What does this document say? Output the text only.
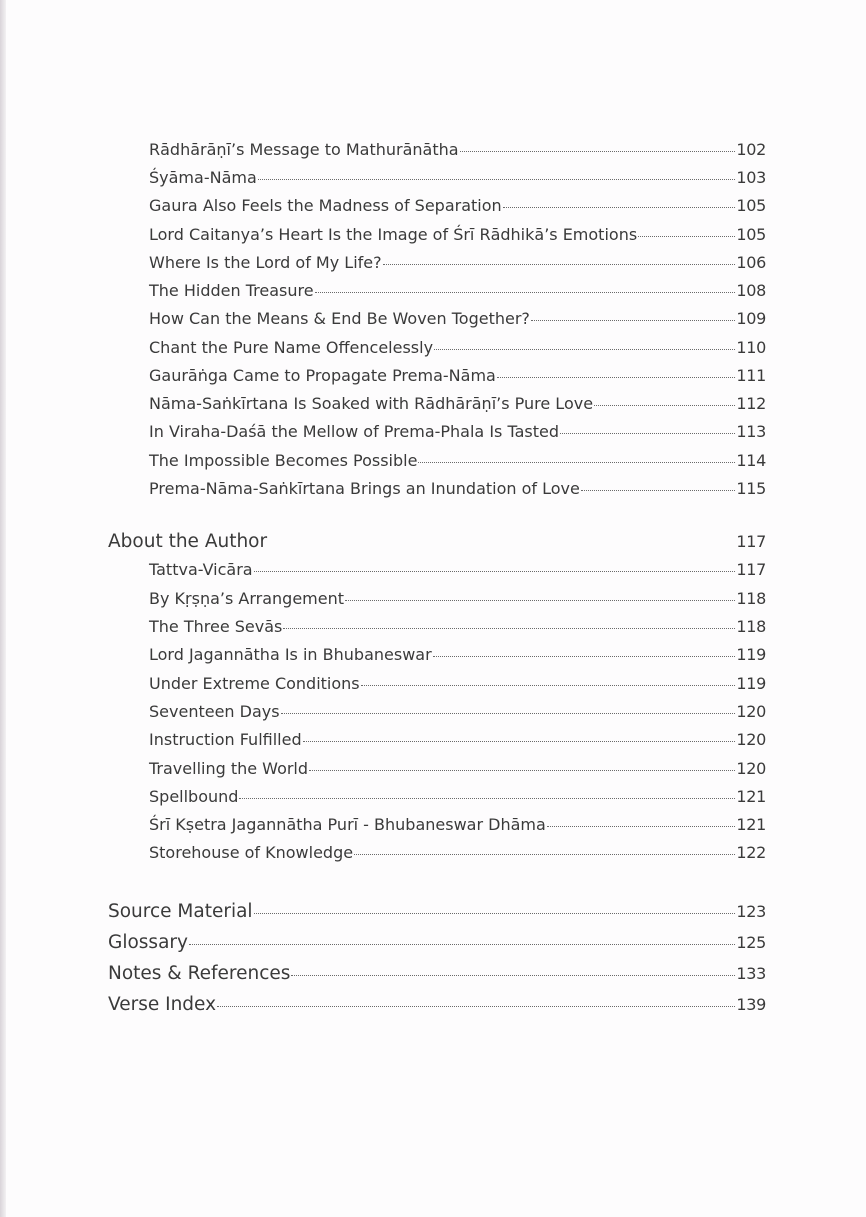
Rādhārāṇī’s Message to Mathurānātha	102
Śyāma-Nāma	103
Gaura Also Feels the Madness of Separation	105
Lord Caitanya’s Heart Is the Image of Śrī Rādhikā’s Emotions	105
Where Is the Lord of My Life?	106
The Hidden Treasure	108
How Can the Means & End Be Woven Together?	109
Chant the Pure Name Offencelessly	110
Gaurāṅga Came to Propagate Prema-Nāma	111
Nāma-Saṅkīrtana Is Soaked with Rādhārāṇī’s Pure Love	112
In Viraha-Daśā the Mellow of Prema-Phala Is Tasted	113
The Impossible Becomes Possible	114
Prema-Nāma-Saṅkīrtana Brings an Inundation of Love	115
About the Author	117
Tattva-Vicāra	117
By Kṛṣṇa’s Arrangement	118
The Three Sevās	118
Lord Jagannātha Is in Bhubaneswar	119
Under Extreme Conditions	119
Seventeen Days	120
Instruction Fulfilled	120
Travelling the World	120
Spellbound	121
Śrī Kṣetra Jagannātha Purī - Bhubaneswar Dhāma	121
Storehouse of Knowledge	122
Source Material	123
Glossary	125
Notes & References	133
Verse Index	139
